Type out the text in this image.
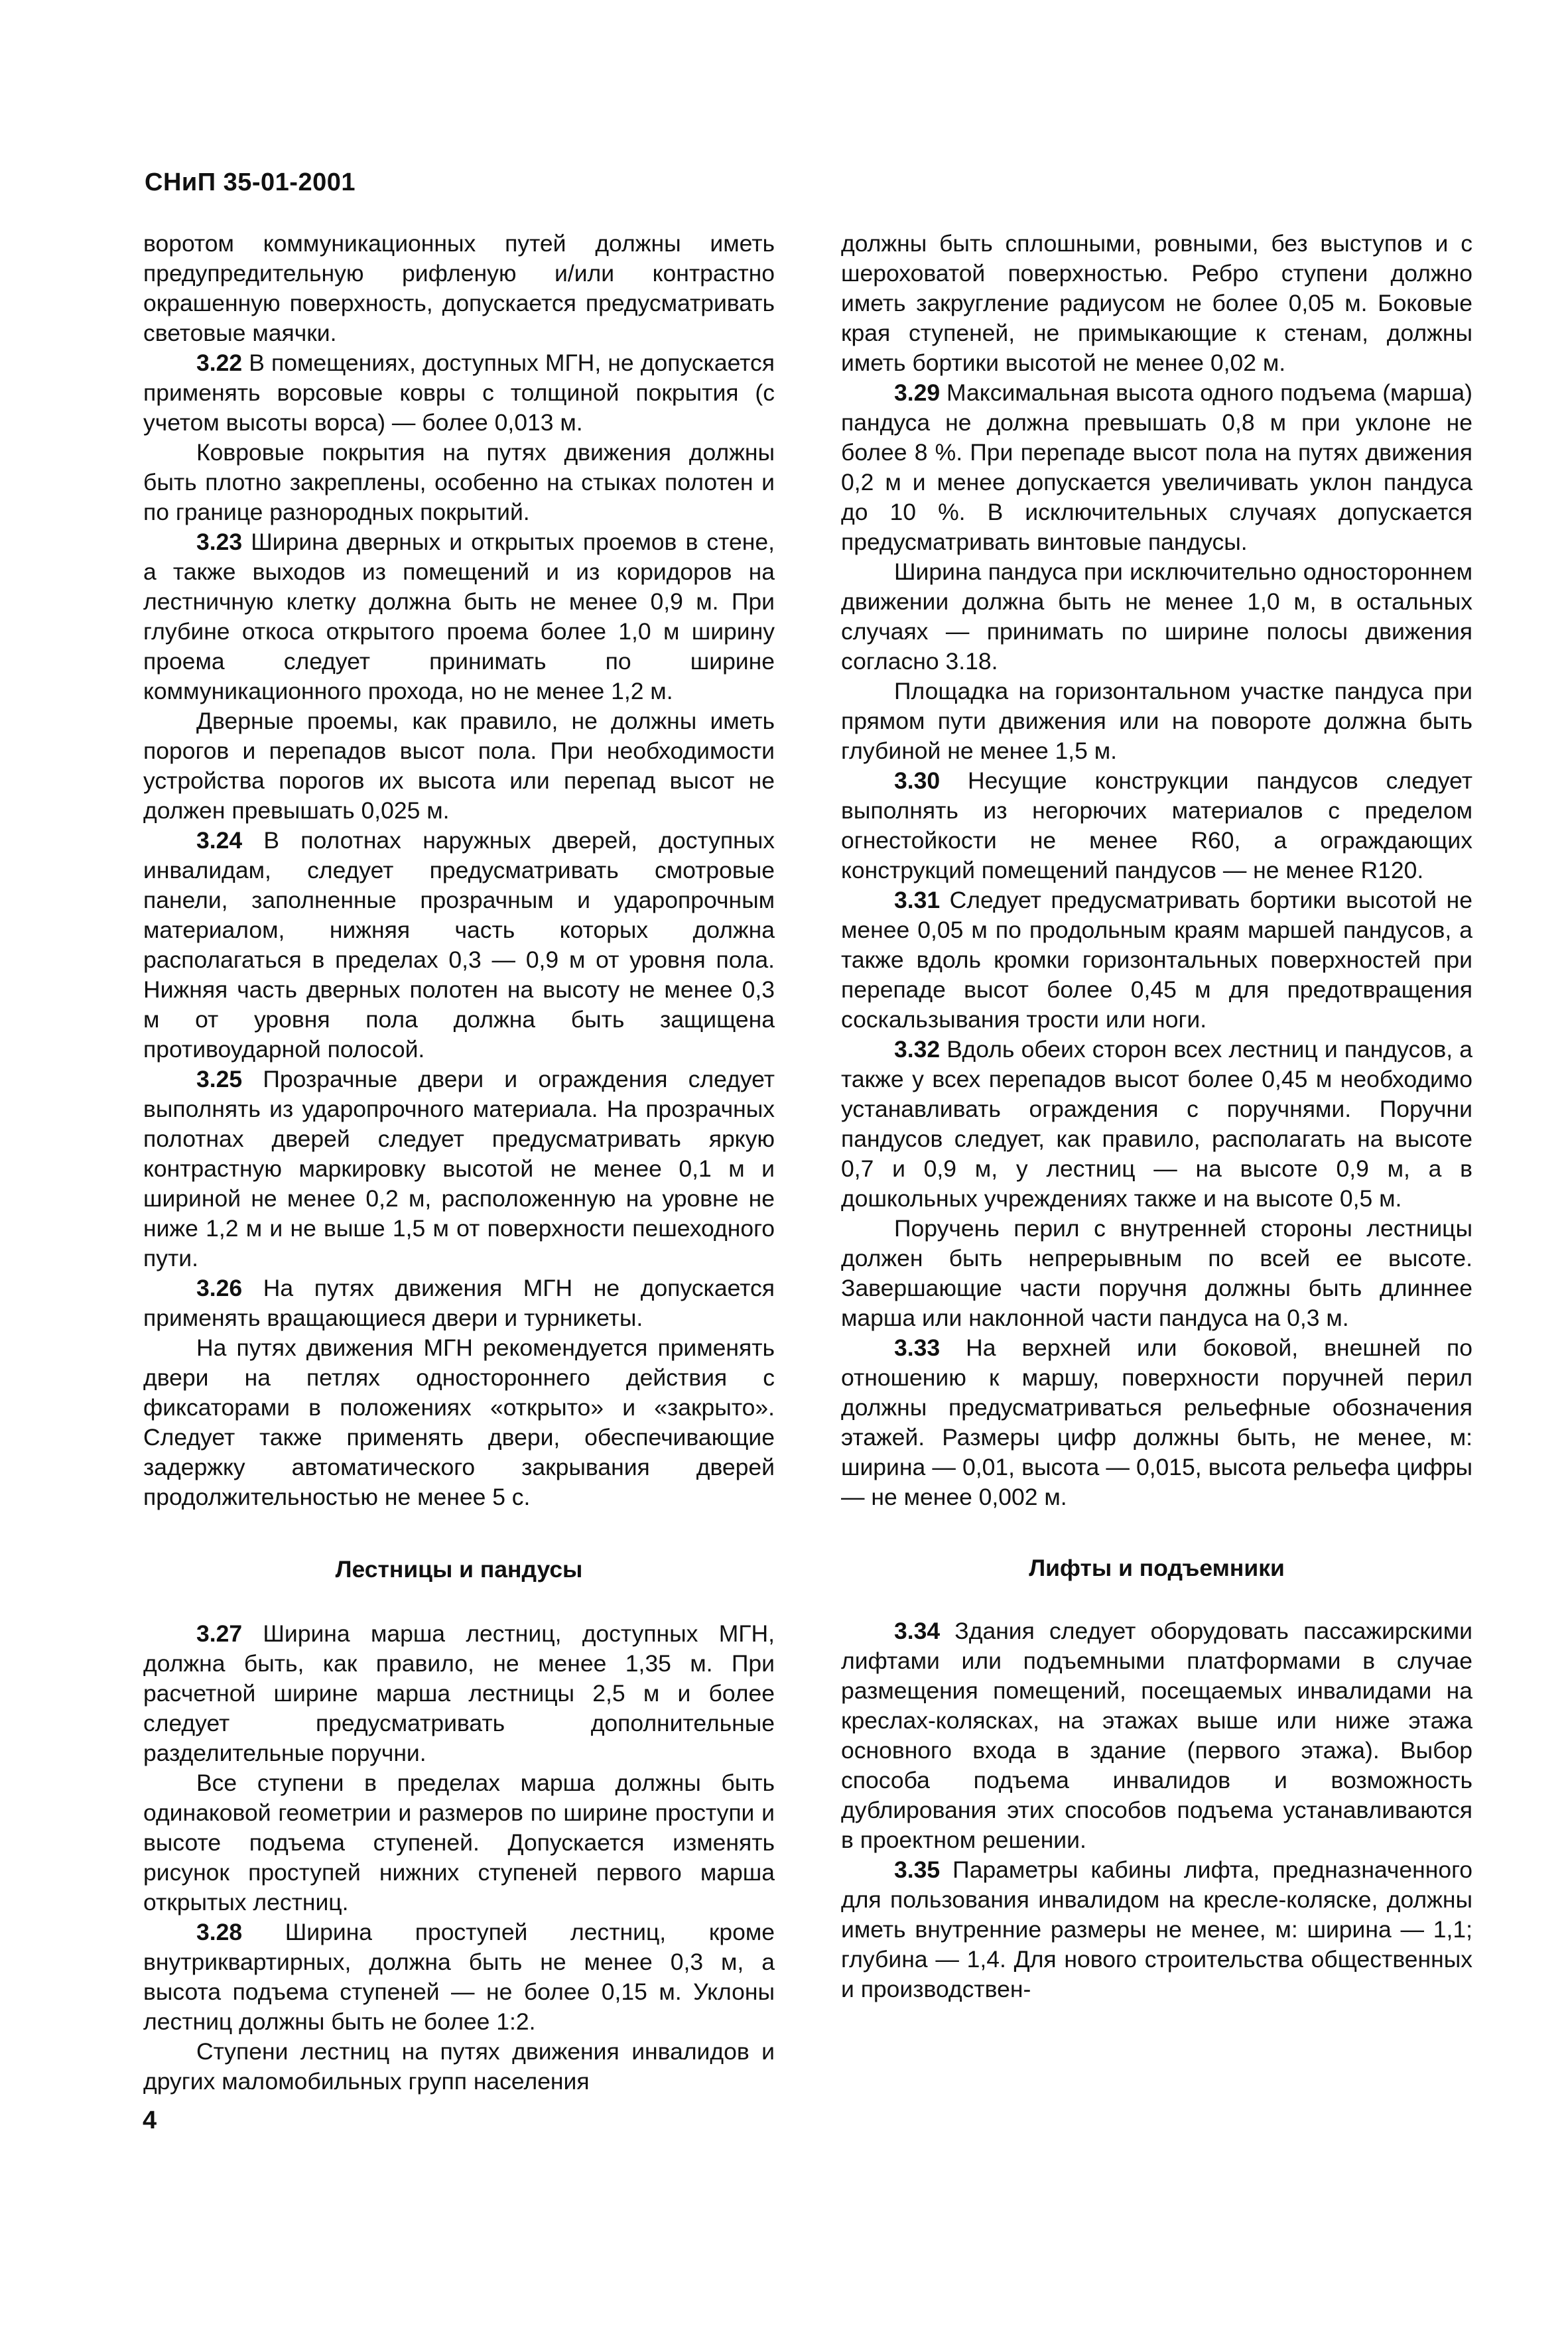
СНиП 35-01-2001

воротом коммуникационных путей должны иметь предупредительную рифленую и/или контрастно окрашенную поверхность, допускается предусматривать световые маячки.

3.22 В помещениях, доступных МГН, не допускается применять ворсовые ковры с толщиной покрытия (с учетом высоты ворса) — более 0,013 м.

Ковровые покрытия на путях движения должны быть плотно закреплены, особенно на стыках полотен и по границе разнородных покрытий.

3.23 Ширина дверных и открытых проемов в стене, а также выходов из помещений и из коридоров на лестничную клетку должна быть не менее 0,9 м. При глубине откоса открытого проема более 1,0 м ширину проема следует принимать по ширине коммуникационного прохода, но не менее 1,2 м.

Дверные проемы, как правило, не должны иметь порогов и перепадов высот пола. При необходимости устройства порогов их высота или перепад высот не должен превышать 0,025 м.

3.24 В полотнах наружных дверей, доступных инвалидам, следует предусматривать смотровые панели, заполненные прозрачным и ударопрочным материалом, нижняя часть которых должна располагаться в пределах 0,3 — 0,9 м от уровня пола. Нижняя часть дверных полотен на высоту не менее 0,3 м от уровня пола должна быть защищена противоударной полосой.

3.25 Прозрачные двери и ограждения следует выполнять из ударопрочного материала. На прозрачных полотнах дверей следует предусматривать яркую контрастную маркировку высотой не менее 0,1 м и шириной не менее 0,2 м, расположенную на уровне не ниже 1,2 м и не выше 1,5 м от поверхности пешеходного пути.

3.26 На путях движения МГН не допускается применять вращающиеся двери и турникеты.

На путях движения МГН рекомендуется применять двери на петлях одностороннего действия с фиксаторами в положениях «открыто» и «закрыто». Следует также применять двери, обеспечивающие задержку автоматического закрывания дверей продолжительностью не менее 5 с.

Лестницы и пандусы

3.27 Ширина марша лестниц, доступных МГН, должна быть, как правило, не менее 1,35 м. При расчетной ширине марша лестницы 2,5 м и более следует предусматривать дополнительные разделительные поручни.

Все ступени в пределах марша должны быть одинаковой геометрии и размеров по ширине проступи и высоте подъема ступеней. Допускается изменять рисунок проступей нижних ступеней первого марша открытых лестниц.

3.28 Ширина проступей лестниц, кроме внутриквартирных, должна быть не менее 0,3 м, а высота подъема ступеней — не более 0,15 м. Уклоны лестниц должны быть не более 1:2.

Ступени лестниц на путях движения инвалидов и других маломобильных групп населения

должны быть сплошными, ровными, без выступов и с шероховатой поверхностью. Ребро ступени должно иметь закругление радиусом не более 0,05 м. Боковые края ступеней, не примыкающие к стенам, должны иметь бортики высотой не менее 0,02 м.

3.29 Максимальная высота одного подъема (марша) пандуса не должна превышать 0,8 м при уклоне не более 8 %. При перепаде высот пола на путях движения 0,2 м и менее допускается увеличивать уклон пандуса до 10 %. В исключительных случаях допускается предусматривать винтовые пандусы.

Ширина пандуса при исключительно одностороннем движении должна быть не менее 1,0 м, в остальных случаях — принимать по ширине полосы движения согласно 3.18.

Площадка на горизонтальном участке пандуса при прямом пути движения или на повороте должна быть глубиной не менее 1,5 м.

3.30 Несущие конструкции пандусов следует выполнять из негорючих материалов с пределом огнестойкости не менее R60, а ограждающих конструкций помещений пандусов — не менее R120.

3.31 Следует предусматривать бортики высотой не менее 0,05 м по продольным краям маршей пандусов, а также вдоль кромки горизонтальных поверхностей при перепаде высот более 0,45 м для предотвращения соскальзывания трости или ноги.

3.32 Вдоль обеих сторон всех лестниц и пандусов, а также у всех перепадов высот более 0,45 м необходимо устанавливать ограждения с поручнями. Поручни пандусов следует, как правило, располагать на высоте 0,7 и 0,9 м, у лестниц — на высоте 0,9 м, а в дошкольных учреждениях также и на высоте 0,5 м.

Поручень перил с внутренней стороны лестницы должен быть непрерывным по всей ее высоте. Завершающие части поручня должны быть длиннее марша или наклонной части пандуса на 0,3 м.

3.33 На верхней или боковой, внешней по отношению к маршу, поверхности поручней перил должны предусматриваться рельефные обозначения этажей. Размеры цифр должны быть, не менее, м: ширина — 0,01, высота — 0,015, высота рельефа цифры — не менее 0,002 м.

Лифты и подъемники

3.34 Здания следует оборудовать пассажирскими лифтами или подъемными платформами в случае размещения помещений, посещаемых инвалидами на креслах-колясках, на этажах выше или ниже этажа основного входа в здание (первого этажа). Выбор способа подъема инвалидов и возможность дублирования этих способов подъема устанавливаются в проектном решении.

3.35 Параметры кабины лифта, предназначенного для пользования инвалидом на кресле-коляске, должны иметь внутренние размеры не менее, м: ширина — 1,1; глубина — 1,4. Для нового строительства общественных и производствен-

4
